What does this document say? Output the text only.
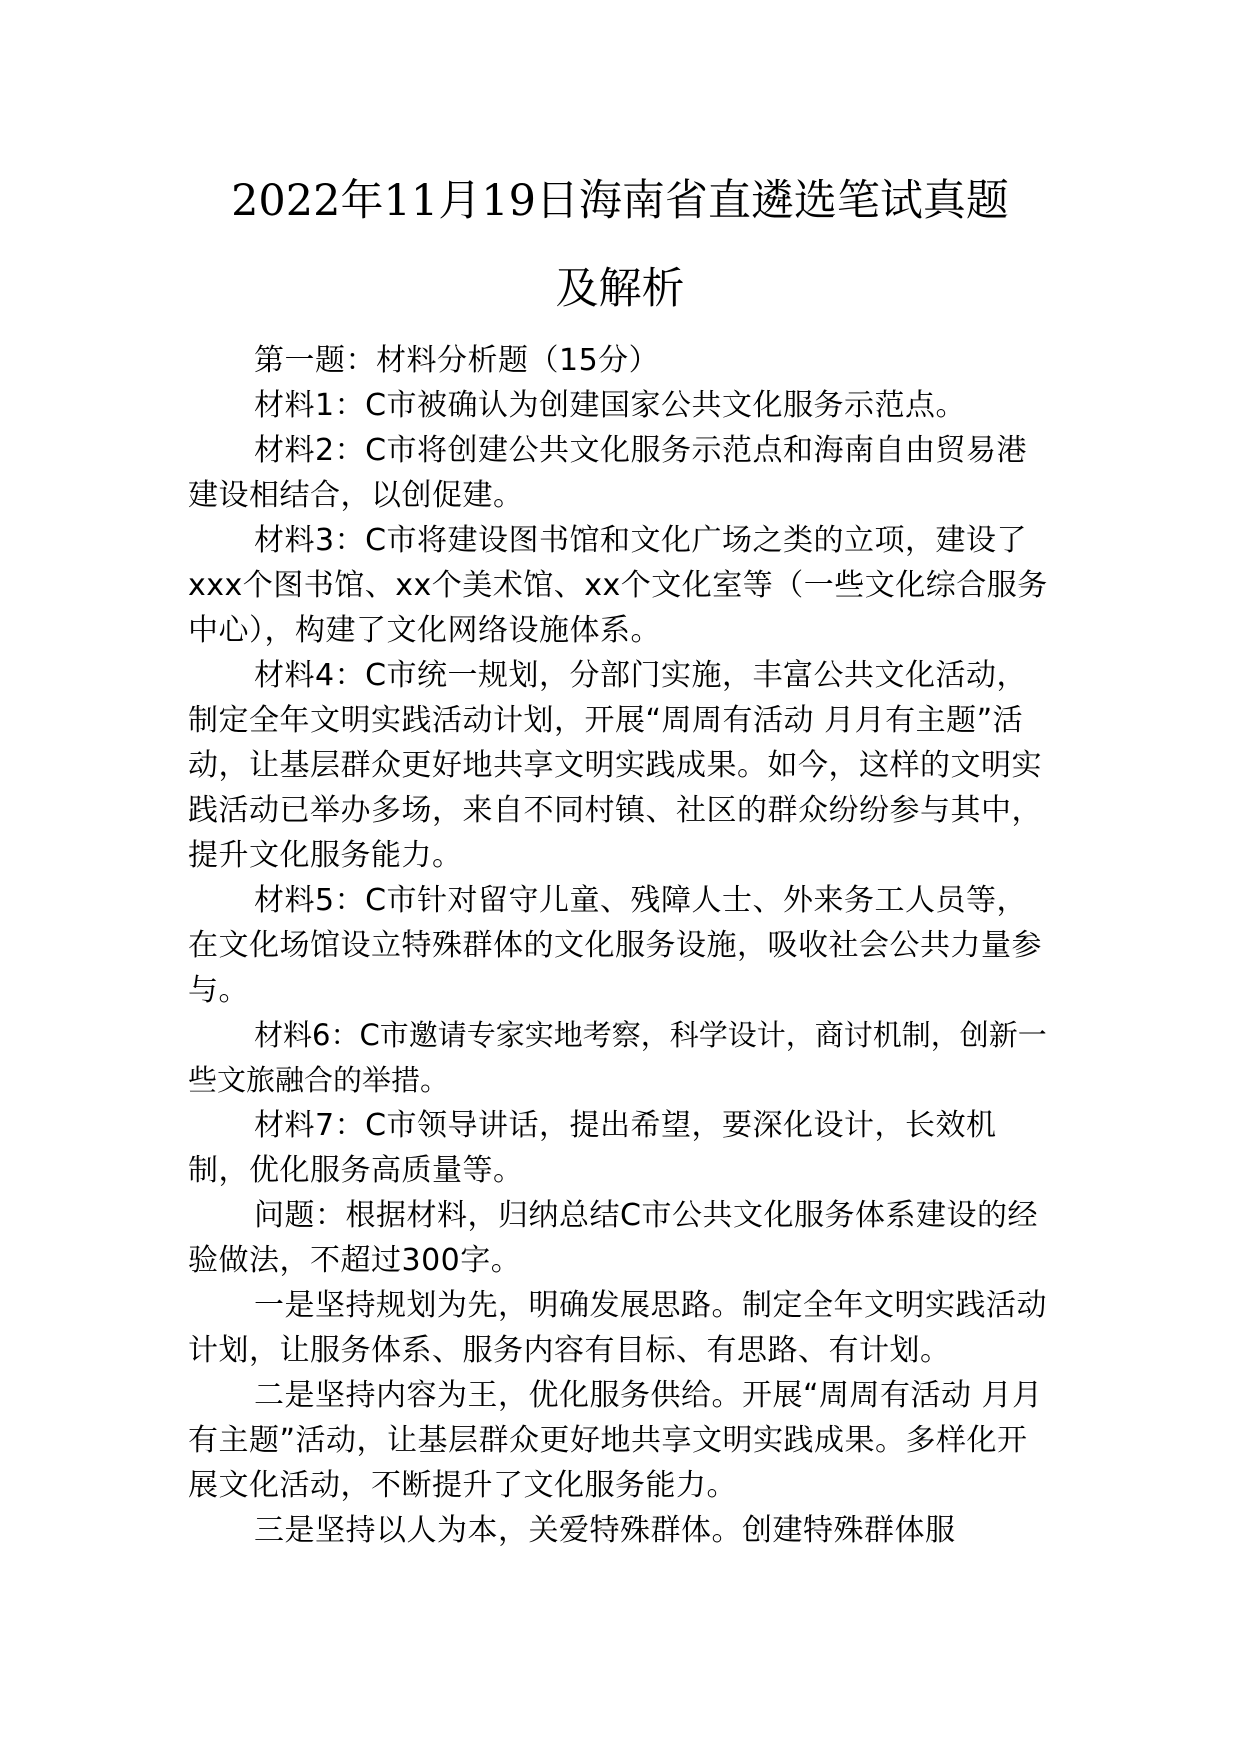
2022年11月19日海南省直遴选笔试真题
及解析

第一题：材料分析题（15分）

材料1：C市被确认为创建国家公共文化服务示范点。

材料2：C市将创建公共文化服务示范点和海南自由贸易港建设相结合，以创促建。

材料3：C市将建设图书馆和文化广场之类的立项，建设了xxx个图书馆、xx个美术馆、xx个文化室等（一些文化综合服务中心），构建了文化网络设施体系。

材料4：C市统一规划，分部门实施，丰富公共文化活动，制定全年文明实践活动计划，开展“周周有活动 月月有主题”活动，让基层群众更好地共享文明实践成果。如今，这样的文明实践活动已举办多场，来自不同村镇、社区的群众纷纷参与其中，提升文化服务能力。

材料5：C市针对留守儿童、残障人士、外来务工人员等，在文化场馆设立特殊群体的文化服务设施，吸收社会公共力量参与。

材料6：C市邀请专家实地考察，科学设计，商讨机制，创新一些文旅融合的举措。

材料7：C市领导讲话，提出希望，要深化设计，长效机制，优化服务高质量等。

问题：根据材料，归纳总结C市公共文化服务体系建设的经验做法，不超过300字。

一是坚持规划为先，明确发展思路。制定全年文明实践活动计划，让服务体系、服务内容有目标、有思路、有计划。

二是坚持内容为王，优化服务供给。开展“周周有活动 月月有主题”活动，让基层群众更好地共享文明实践成果。多样化开展文化活动，不断提升了文化服务能力。

三是坚持以人为本，关爱特殊群体。创建特殊群体服
